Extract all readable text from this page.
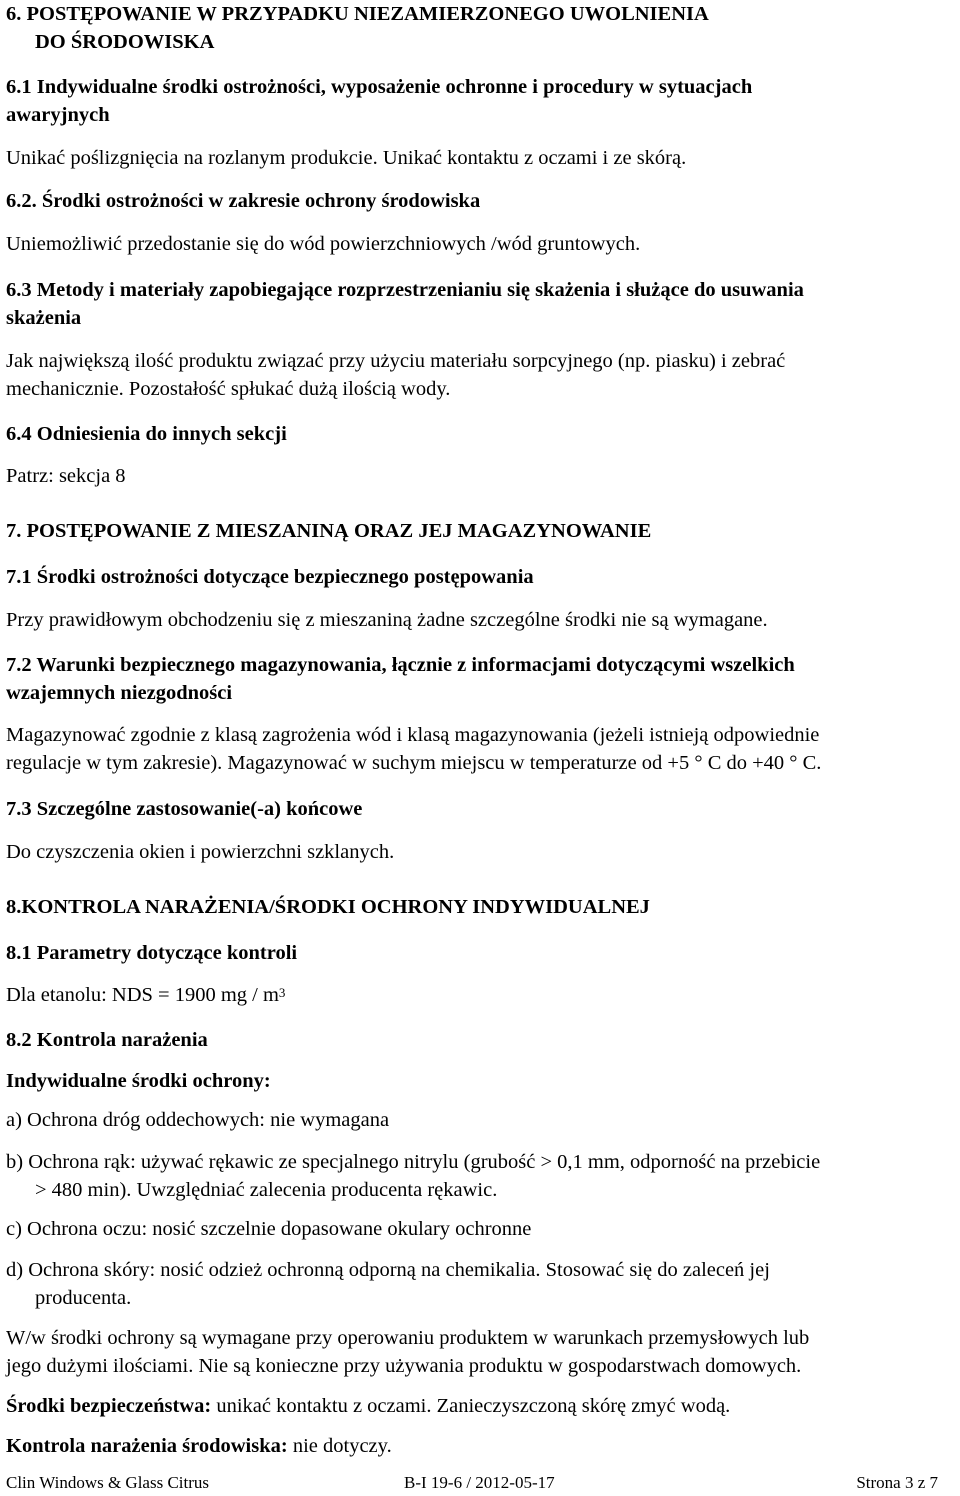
6. POSTĘPOWANIE W PRZYPADKU NIEZAMIERZONEGO UWOLNIENIA
DO ŚRODOWISKA
6.1 Indywidualne środki ostrożności, wyposażenie ochronne i procedury w sytuacjach
awaryjnych
Unikać poślizgnięcia na rozlanym produkcie. Unikać kontaktu z oczami i ze skórą.
6.2. Środki ostrożności w zakresie ochrony środowiska
Uniemożliwić przedostanie się do wód powierzchniowych /wód gruntowych.
6.3 Metody i materiały zapobiegające rozprzestrzenianiu się skażenia i służące do usuwania
skażenia
Jak największą ilość produktu związać przy użyciu materiału sorpcyjnego (np. piasku) i zebrać
mechanicznie. Pozostałość spłukać dużą ilością wody.
6.4 Odniesienia do innych sekcji
Patrz: sekcja 8
7. POSTĘPOWANIE Z MIESZANINĄ ORAZ JEJ MAGAZYNOWANIE
7.1 Środki ostrożności dotyczące bezpiecznego postępowania
Przy prawidłowym obchodzeniu się z mieszaniną żadne szczególne środki nie są wymagane.
7.2 Warunki bezpiecznego magazynowania, łącznie z informacjami dotyczącymi wszelkich
wzajemnych niezgodności
Magazynować zgodnie z klasą zagrożenia wód i klasą magazynowania (jeżeli istnieją odpowiednie
regulacje w tym zakresie). Magazynować w suchym miejscu w temperaturze od +5 ° C do +40 ° C.
7.3 Szczególne zastosowanie(-a) końcowe
Do czyszczenia okien i powierzchni szklanych.
8.KONTROLA NARAŻENIA/ŚRODKI OCHRONY INDYWIDUALNEJ
8.1 Parametry dotyczące kontroli
Dla etanolu: NDS = 1900 mg / $m^3$
8.2 Kontrola narażenia
Indywidualne środki ochrony:
a) Ochrona dróg oddechowych: nie wymagana
b) Ochrona rąk: używać rękawic ze specjalnego nitrylu (grubość > 0,1 mm, odporność na przebicie
> 480 min). Uwzględniać zalecenia producenta rękawic.
c) Ochrona oczu: nosić szczelnie dopasowane okulary ochronne
d) Ochrona skóry: nosić odzież ochronną odporną na chemikalia. Stosować się do zaleceń jej
producenta.
W/w środki ochrony są wymagane przy operowaniu produktem w warunkach przemysłowych lub
jego dużymi ilościami. Nie są konieczne przy używania produktu w gospodarstwach domowych.
Środki bezpieczeństwa: unikać kontaktu z oczami. Zanieczyszczoną skórę zmyć wodą.
Kontrola narażenia środowiska: nie dotyczy.
Clin Windows & Glass Citrus	B-I 19-6 / 2012-05-17	Strona 3 z 7
